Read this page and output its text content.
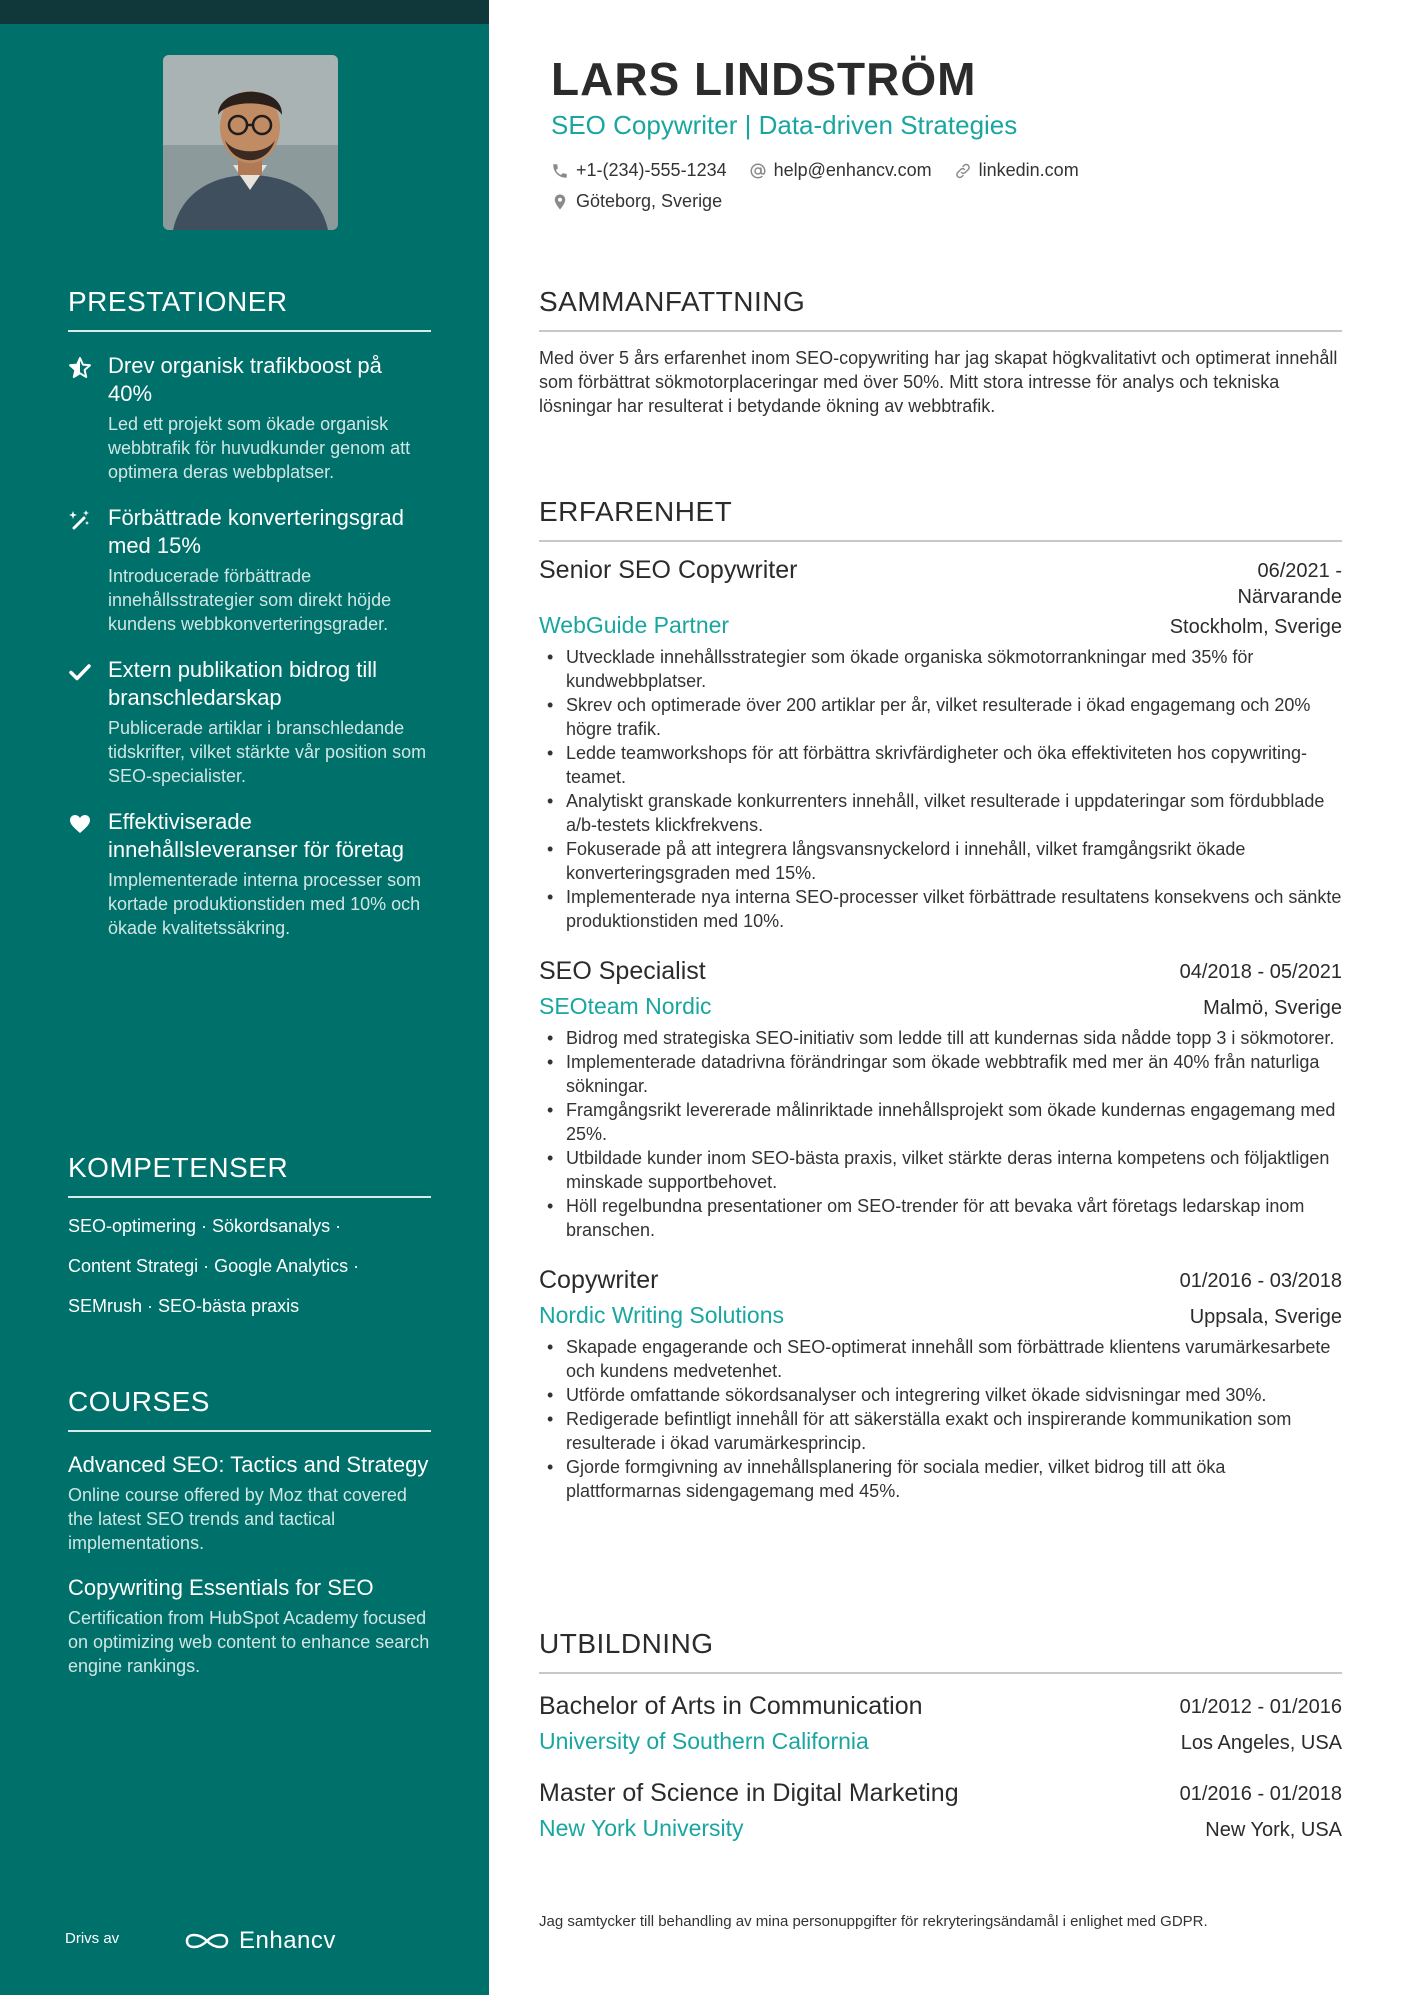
PRESTATIONER
Drev organisk trafikboost på 40%
Led ett projekt som ökade organisk webbtrafik för huvudkunder genom att optimera deras webbplatser.
Förbättrade konverteringsgrad med 15%
Introducerade förbättrade innehållsstrategier som direkt höjde kundens webbkonverteringsgrader.
Extern publikation bidrog till branschledarskap
Publicerade artiklar i branschledande tidskrifter, vilket stärkte vår position som SEO-specialister.
Effektiviserade innehållsleveranser för företag
Implementerade interna processer som kortade produktionstiden med 10% och ökade kvalitetssäkring.
KOMPETENSER
SEO-optimering · Sökordsanalys ·
Content Strategi · Google Analytics ·
SEMrush · SEO-bästa praxis
COURSES
Advanced SEO: Tactics and Strategy
Online course offered by Moz that covered the latest SEO trends and tactical implementations.
Copywriting Essentials for SEO
Certification from HubSpot Academy focused on optimizing web content to enhance search engine rankings.
Drivs av	Enhancv
LARS LINDSTRÖM
SEO Copywriter | Data-driven Strategies
+1-(234)-555-1234	help@enhancv.com	linkedin.com
Göteborg, Sverige
SAMMANFATTNING
Med över 5 års erfarenhet inom SEO-copywriting har jag skapat högkvalitativt och optimerat innehåll som förbättrat sökmotorplaceringar med över 50%. Mitt stora intresse för analys och tekniska lösningar har resulterat i betydande ökning av webbtrafik.
ERFARENHET
Senior SEO Copywriter	06/2021 -
Närvarande
WebGuide Partner	Stockholm, Sverige
• Utvecklade innehållsstrategier som ökade organiska sökmotorrankningar med 35% för kundwebbplatser.
• Skrev och optimerade över 200 artiklar per år, vilket resulterade i ökad engagemang och 20% högre trafik.
• Ledde teamworkshops för att förbättra skrivfärdigheter och öka effektiviteten hos copywriting-teamet.
• Analytiskt granskade konkurrenters innehåll, vilket resulterade i uppdateringar som fördubblade a/b-testets klickfrekvens.
• Fokuserade på att integrera långsvansnyckelord i innehåll, vilket framgångsrikt ökade konverteringsgraden med 15%.
• Implementerade nya interna SEO-processer vilket förbättrade resultatens konsekvens och sänkte produktionstiden med 10%.
SEO Specialist	04/2018 - 05/2021
SEOteam Nordic	Malmö, Sverige
• Bidrog med strategiska SEO-initiativ som ledde till att kundernas sida nådde topp 3 i sökmotorer.
• Implementerade datadrivna förändringar som ökade webbtrafik med mer än 40% från naturliga sökningar.
• Framgångsrikt levererade målinriktade innehållsprojekt som ökade kundernas engagemang med 25%.
• Utbildade kunder inom SEO-bästa praxis, vilket stärkte deras interna kompetens och följaktligen minskade supportbehovet.
• Höll regelbundna presentationer om SEO-trender för att bevaka vårt företags ledarskap inom branschen.
Copywriter	01/2016 - 03/2018
Nordic Writing Solutions	Uppsala, Sverige
• Skapade engagerande och SEO-optimerat innehåll som förbättrade klientens varumärkesarbete och kundens medvetenhet.
• Utförde omfattande sökordsanalyser och integrering vilket ökade sidvisningar med 30%.
• Redigerade befintligt innehåll för att säkerställa exakt och inspirerande kommunikation som resulterade i ökad varumärkesprincip.
• Gjorde formgivning av innehållsplanering för sociala medier, vilket bidrog till att öka plattformarnas sidengagemang med 45%.
UTBILDNING
Bachelor of Arts in Communication	01/2012 - 01/2016
University of Southern California	Los Angeles, USA
Master of Science in Digital Marketing	01/2016 - 01/2018
New York University	New York, USA
Jag samtycker till behandling av mina personuppgifter för rekryteringsändamål i enlighet med GDPR.
